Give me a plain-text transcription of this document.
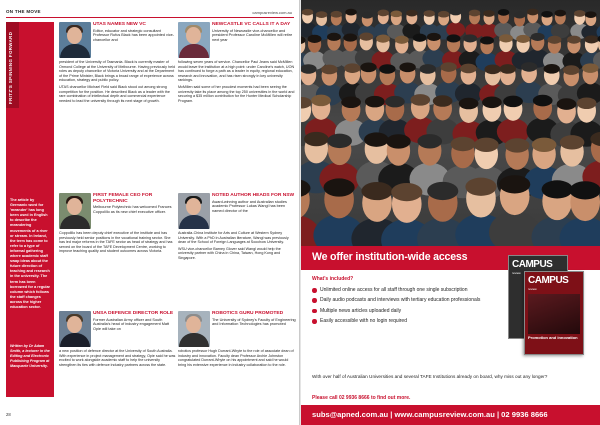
ON THE MOVE	campusreview.com.au
FRITZ'S SPINNING FORWARD
The article by Germanic word for 'meander' has long been used in English to describe the meandering movements of a river or stream. In Ireland, the term has come to refer to a type of informal gathering where academic staff swap ideas about the future direction of teaching and research in the university. The term has been borrowed for a regular column which follows the staff changes across the higher education sector.
Written by Dr Adam Smith, a lecturer in the Editing and Electronic Publishing Program at Macquarie University.
UTAS NAMES NEW VC
Editor, educator and strategic consultant Professor Rufus Black has been appointed vice-chancellor and

president of the University of Tasmania. Black is currently master of Ormond College at the University of Melbourne. Having previously held roles as deputy chancellor of Victoria University and at the Department of the Prime Minister, Black brings a broad range of experience across education, strategy and public policy.

UTAS chancellor Michael Field said Black stood out among strong competition for the position. He described Black as a leader with the rare combination of intellectual depth and commercial experience needed to lead the university through its next stage of growth.

NEWCASTLE VC CALLS IT A DAY
University of Newcastle vice-chancellor and president Professor Caroline McMillen will retire next year

following seven years of service. Chancellor Paul Jeans said McMillen would leave the institution at a high point: under Caroline's watch, UON has continued to forge a path as a leader in equity, regional education, research and innovation, and has risen strongly in key university rankings.

McMillen said some of her proudest moments had been seeing the university take its place among the top 250 universities in the world and securing a $35 million contribution for the Hunter Medical Scholarship Program.

FIRST FEMALE CEO FOR POLYTECHNIC
Melbourne Polytechnic has welcomed Frances Coppolillo as its new chief executive officer.

Coppolillo has been deputy chief executive of the institute and has previously held senior positions in the vocational training sector. She has led major reforms in the TAFE sector as head of strategy and has served on the board of the TAFE Development Centre, working to improve teaching quality and student outcomes across Victoria.

NOTED AUTHOR HEADS FOR NSW
Award-winning author and Australian studies academic Professor Lukas Wangl has been named director of the

Australia-China Institute for Arts and Culture at Western Sydney University. With a PhD in Australian literature, Wangl was previously dean of the School of Foreign Languages at Soochow University.

WSU vice-chancellor Barney Glover said Wangl would help the university partner with China in China, Taiwan, Hong Kong and Singapore.

UNSA DEFENCE DIRECTOR ROLE
Former Australian Army officer and South Australia's head of industry engagement Matt Opie will take on

a new position of defence director at the University of South Australia. With experience in project management and strategy, Opie said he was excited to work alongside academic staff to help the university strengthen its ties with defence industry partners across the state.

ROBOTICS GURU PROMOTED
The University of Sydney's Faculty of Engineering and Information Technologies has promoted

robotics professor Hugh Durrant-Whyte to the role of associate dean of industry and innovation. Faculty dean Professor Archie Johnston congratulated Durrant-Whyte on his appointment and said he would bring his extensive experience in industry collaboration to the role.

28
We offer institution-wide access
What's included?
Unlimited online access for all staff through one single subscription
Daily audio podcasts and interviews with tertiary education professionals
Multiple news articles uploaded daily
Easily accessible with no login required
With over half of Australian Universities and several TAFE Institutions already on board, why miss out any longer?
Please call 02 9936 8666 to find out more.
subs@apned.com.au | www.campusreview.com.au | 02 9936 8666
CAMPUS
review
CAMPUS
review
Promotion and innovation
